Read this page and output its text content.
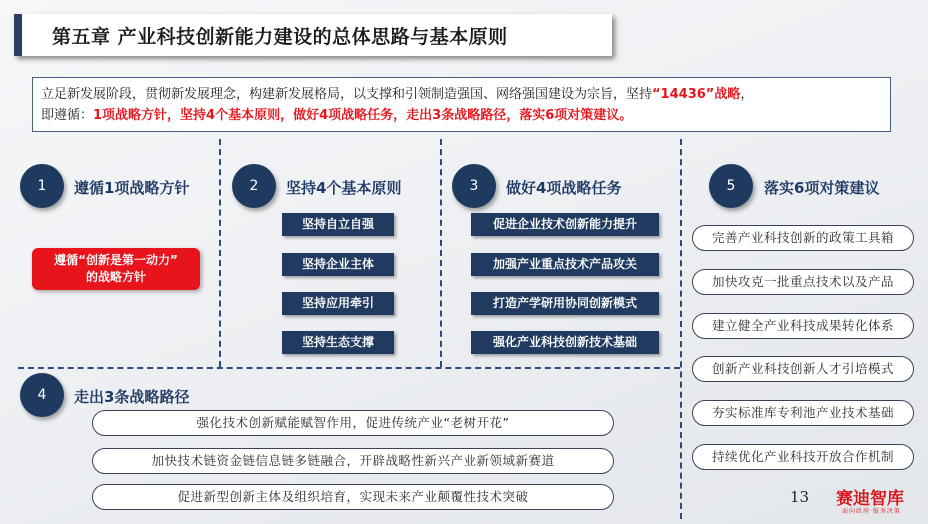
第五章 产业科技创新能力建设的总体思路与基本原则
立足新发展阶段，贯彻新发展理念，构建新发展格局，以支撑和引领制造强国、网络强国建设为宗旨，坚持“14436”战略，
即遵循：1项战略方针，坚持4个基本原则，做好4项战略任务，走出3条战略路径，落实6项对策建议。
1	遵循1项战略方针
遵循“创新是第一动力”
的战略方针
2	坚持4个基本原则
坚持自立自强
坚持企业主体
坚持应用牵引
坚持生态支撑
3	做好4项战略任务
促进企业技术创新能力提升
加强产业重点技术产品攻关
打造产学研用协同创新模式
强化产业科技创新技术基础
4	走出3条战略路径
强化技术创新赋能赋智作用，促进传统产业“老树开花”
加快技术链资金链信息链多链融合，开辟战略性新兴产业新领域新赛道
促进新型创新主体及组织培育，实现未来产业颠覆性技术突破
5	落实6项对策建议
完善产业科技创新的政策工具箱
加快攻克一批重点技术以及产品
建立健全产业科技成果转化体系
创新产业科技创新人才引培模式
夯实标准库专利池产业技术基础
持续优化产业科技开放合作机制
13 赛迪智库
面向政府·服务决策
